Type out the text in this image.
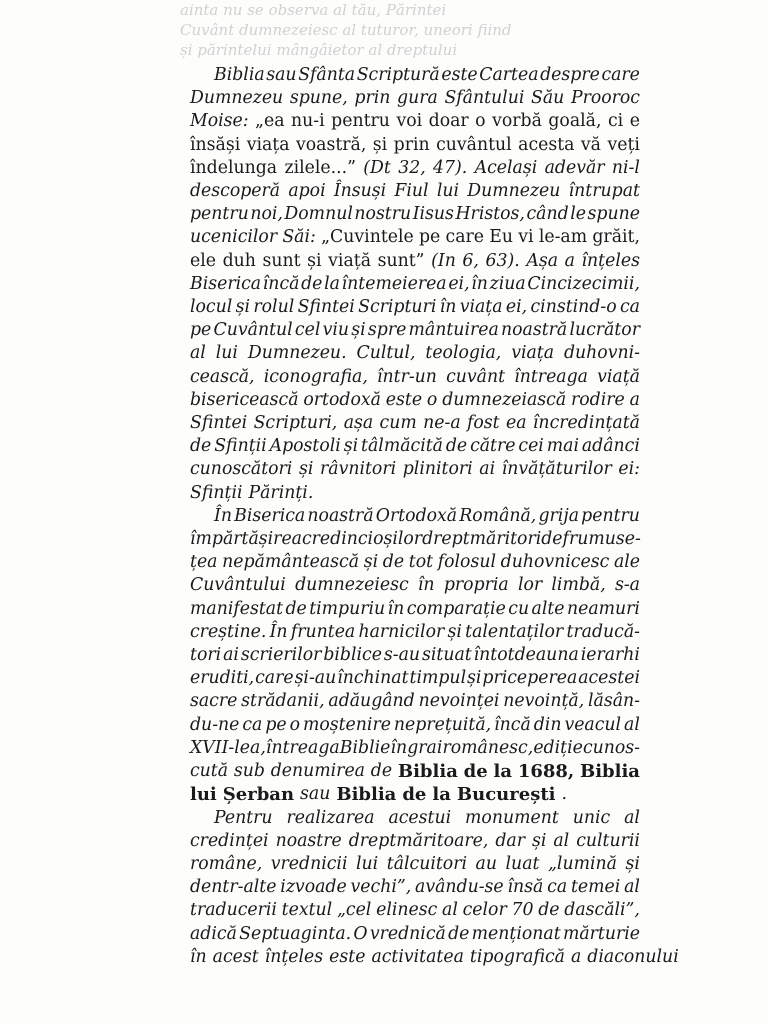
ainta nu se observa al tău, Părintei
Cuvânt dumnezeiesc al tuturor, uneori fiind
și părintelui mângâietor al dreptului
Biblia sau Sfânta Scriptură este Cartea despre care
Dumnezeu spune, prin gura Sfântului Său Prooroc
Moise: „ea nu-i pentru voi doar o vorbă goală, ci e
însăși viața voastră, și prin cuvântul acesta vă veți
îndelunga zilele...” (Dt 32, 47). Același adevăr ni-l
descoperă apoi Însuși Fiul lui Dumnezeu întrupat
pentru noi, Domnul nostru Iisus Hristos, când le spune
ucenicilor Săi: „Cuvintele pe care Eu vi le-am grăit,
ele duh sunt și viață sunt” (In 6, 63). Așa a înțeles
Biserica încă de la întemeierea ei, în ziua Cincizecimii,
locul și rolul Sfintei Scripturi în viața ei, cinstind-o ca
pe Cuvântul cel viu și spre mântuirea noastră lucrător
al lui Dumnezeu. Cultul, teologia, viața duhovni-
cească, iconografia, într-un cuvânt întreaga viață
bisericească ortodoxă este o dumnezeiască rodire a
Sfintei Scripturi, așa cum ne-a fost ea încredințată
de Sfinții Apostoli și tâlmăcită de către cei mai adânci
cunoscători și râvnitori plinitori ai învățăturilor ei:
Sfinții Părinți.
În Biserica noastră Ortodoxă Română, grija pentru
împărtășirea credincioșilor dreptmăritori de frumuse-
țea nepământească și de tot folosul duhovnicesc ale
Cuvântului dumnezeiesc în propria lor limbă, s-a
manifestat de timpuriu în comparație cu alte neamuri
creștine. În fruntea harnicilor și talentaților traducă-
tori ai scrierilor biblice s-au situat întotdeauna ierarhi
eruditi, care și-au închinat timpul și priceperea acestei
sacre strădanii, adăugând nevoinței nevoință, lăsân-
du-ne ca pe o moștenire neprețuită, încă din veacul al
XVII-lea, întreaga Biblie în grai românesc, ediție cunos-
cută sub denumirea de Biblia de la 1688, Biblia
lui Șerban sau Biblia de la București .
Pentru realizarea acestui monument unic al
credinței noastre dreptmăritoare, dar și al culturii
române, vrednicii lui tâlcuitori au luat „lumină și
dentr-alte izvoade vechi”, avându-se însă ca temei al
traducerii textul „cel elinesc al celor 70 de dascăli”,
adică Septuaginta. O vrednică de menționat mărturie
în acest înțeles este activitatea tipografică a diaconului
